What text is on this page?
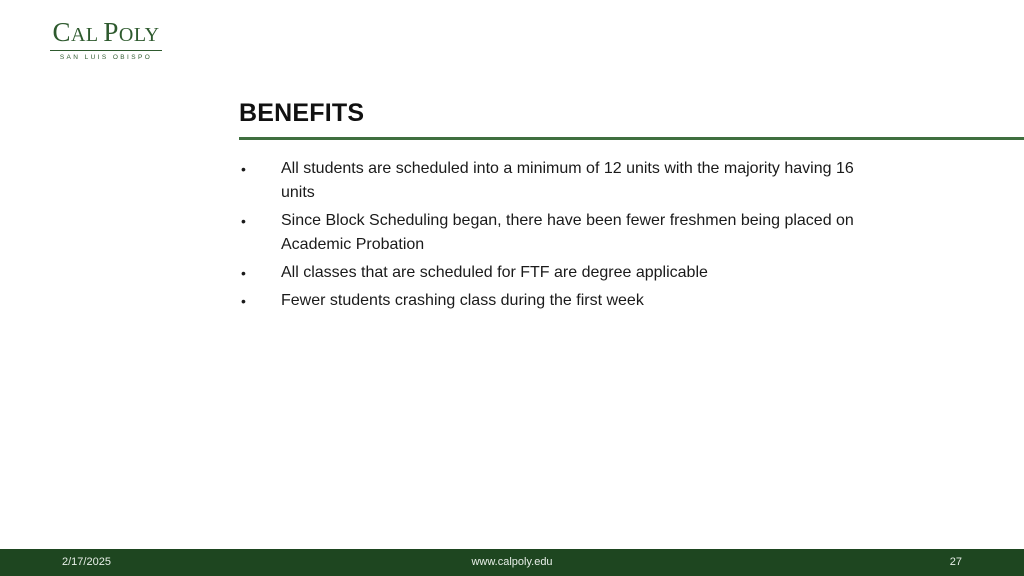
CAL POLY
SAN LUIS OBISPO
BENEFITS
•	All students are scheduled into a minimum of 12 units with the majority having 16 units
•	Since Block Scheduling began, there have been fewer freshmen being placed on Academic Probation
•	All classes that are scheduled for FTF are degree applicable
•	Fewer students crashing class during the first week
2/17/2025	www.calpoly.edu	27
